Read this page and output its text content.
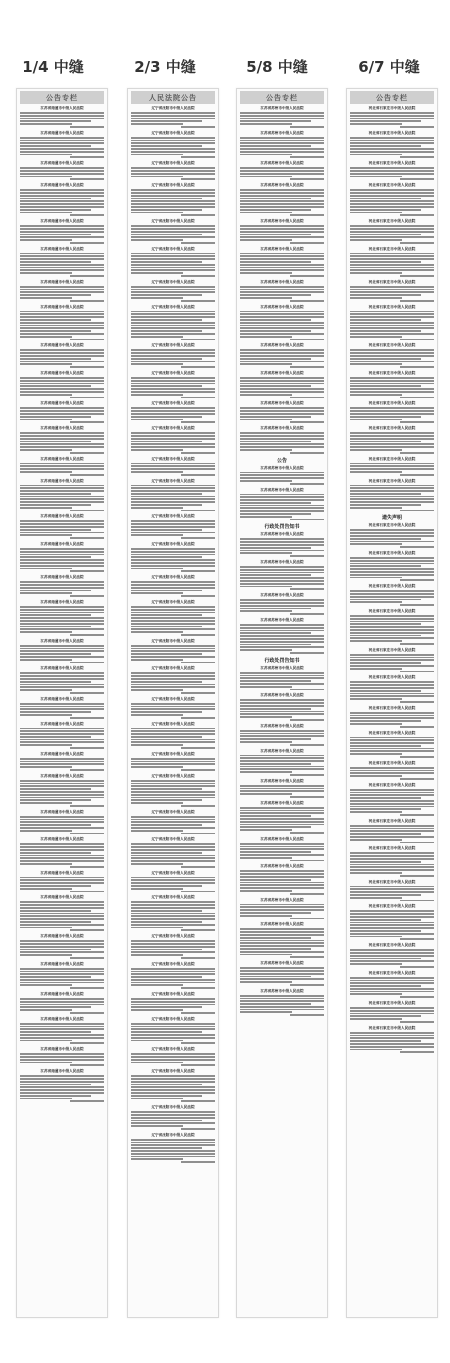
1/4 中缝	2/3 中缝	5/8 中缝	6/7 中缝
公告专栏
江苏省南通市中级人民法院
江苏省南通市中级人民法院
江苏省南通市中级人民法院
江苏省南通市中级人民法院
江苏省南通市中级人民法院
江苏省南通市中级人民法院
江苏省南通市中级人民法院
江苏省南通市中级人民法院
江苏省南通市中级人民法院
江苏省南通市中级人民法院
江苏省南通市中级人民法院
江苏省南通市中级人民法院
江苏省南通市中级人民法院
江苏省南通市中级人民法院
江苏省南通市中级人民法院
江苏省南通市中级人民法院
江苏省南通市中级人民法院
江苏省南通市中级人民法院
江苏省南通市中级人民法院
江苏省南通市中级人民法院
江苏省南通市中级人民法院
江苏省南通市中级人民法院
江苏省南通市中级人民法院
江苏省南通市中级人民法院
江苏省南通市中级人民法院
江苏省南通市中级人民法院
江苏省南通市中级人民法院
江苏省南通市中级人民法院
江苏省南通市中级人民法院
江苏省南通市中级人民法院
江苏省南通市中级人民法院
江苏省南通市中级人民法院
江苏省南通市中级人民法院
江苏省南通市中级人民法院
人民法院公告
辽宁省沈阳市中级人民法院
辽宁省沈阳市中级人民法院
辽宁省沈阳市中级人民法院
辽宁省沈阳市中级人民法院
辽宁省沈阳市中级人民法院
辽宁省沈阳市中级人民法院
辽宁省沈阳市中级人民法院
辽宁省沈阳市中级人民法院
辽宁省沈阳市中级人民法院
辽宁省沈阳市中级人民法院
辽宁省沈阳市中级人民法院
辽宁省沈阳市中级人民法院
辽宁省沈阳市中级人民法院
辽宁省沈阳市中级人民法院
辽宁省沈阳市中级人民法院
辽宁省沈阳市中级人民法院
辽宁省沈阳市中级人民法院
辽宁省沈阳市中级人民法院
辽宁省沈阳市中级人民法院
辽宁省沈阳市中级人民法院
辽宁省沈阳市中级人民法院
辽宁省沈阳市中级人民法院
辽宁省沈阳市中级人民法院
辽宁省沈阳市中级人民法院
辽宁省沈阳市中级人民法院
辽宁省沈阳市中级人民法院
辽宁省沈阳市中级人民法院
辽宁省沈阳市中级人民法院
辽宁省沈阳市中级人民法院
辽宁省沈阳市中级人民法院
辽宁省沈阳市中级人民法院
辽宁省沈阳市中级人民法院
辽宁省沈阳市中级人民法院
辽宁省沈阳市中级人民法院
辽宁省沈阳市中级人民法院
辽宁省沈阳市中级人民法院
公告专栏
江苏省苏州市中级人民法院
江苏省苏州市中级人民法院
江苏省苏州市中级人民法院
江苏省苏州市中级人民法院
江苏省苏州市中级人民法院
江苏省苏州市中级人民法院
江苏省苏州市中级人民法院
江苏省苏州市中级人民法院
江苏省苏州市中级人民法院
江苏省苏州市中级人民法院
江苏省苏州市中级人民法院
江苏省苏州市中级人民法院
公告
江苏省苏州市中级人民法院
江苏省苏州市中级人民法院
行政处罚告知书
江苏省苏州市中级人民法院
江苏省苏州市中级人民法院
江苏省苏州市中级人民法院
江苏省苏州市中级人民法院
行政处罚告知书
江苏省苏州市中级人民法院
江苏省苏州市中级人民法院
江苏省苏州市中级人民法院
江苏省苏州市中级人民法院
江苏省苏州市中级人民法院
江苏省苏州市中级人民法院
江苏省苏州市中级人民法院
江苏省苏州市中级人民法院
江苏省苏州市中级人民法院
江苏省苏州市中级人民法院
江苏省苏州市中级人民法院
江苏省苏州市中级人民法院
公告专栏
河北省石家庄市中级人民法院
河北省石家庄市中级人民法院
河北省石家庄市中级人民法院
河北省石家庄市中级人民法院
河北省石家庄市中级人民法院
河北省石家庄市中级人民法院
河北省石家庄市中级人民法院
河北省石家庄市中级人民法院
河北省石家庄市中级人民法院
河北省石家庄市中级人民法院
河北省石家庄市中级人民法院
河北省石家庄市中级人民法院
河北省石家庄市中级人民法院
河北省石家庄市中级人民法院
遗失声明
河北省石家庄市中级人民法院
河北省石家庄市中级人民法院
河北省石家庄市中级人民法院
河北省石家庄市中级人民法院
河北省石家庄市中级人民法院
河北省石家庄市中级人民法院
河北省石家庄市中级人民法院
河北省石家庄市中级人民法院
河北省石家庄市中级人民法院
河北省石家庄市中级人民法院
河北省石家庄市中级人民法院
河北省石家庄市中级人民法院
河北省石家庄市中级人民法院
河北省石家庄市中级人民法院
河北省石家庄市中级人民法院
河北省石家庄市中级人民法院
河北省石家庄市中级人民法院
河北省石家庄市中级人民法院
